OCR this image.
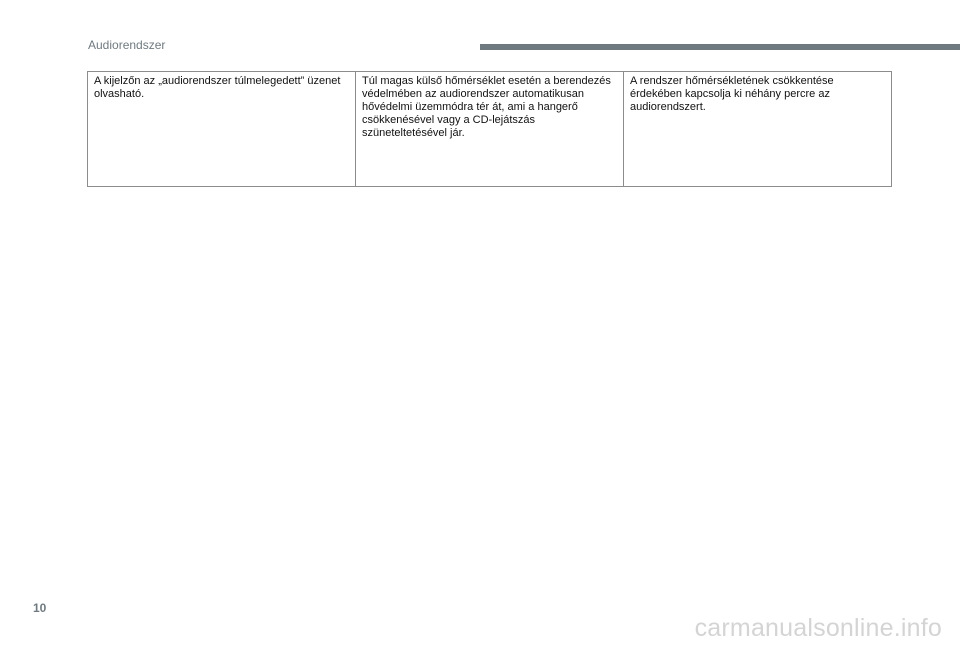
Audiorendszer
A kijelzőn az „audiorendszer túlmelegedett” üzenet olvasható.	Túl magas külső hőmérséklet esetén a berendezés védelmében az audiorendszer automatikusan hővédelmi üzemmódra tér át, ami a hangerő csökkenésével vagy a CD-lejátszás szüneteltetésével jár.	A rendszer hőmérsékletének csökkentése érdekében kapcsolja ki néhány percre az audiorendszert.
10
carmanualsonline.info
